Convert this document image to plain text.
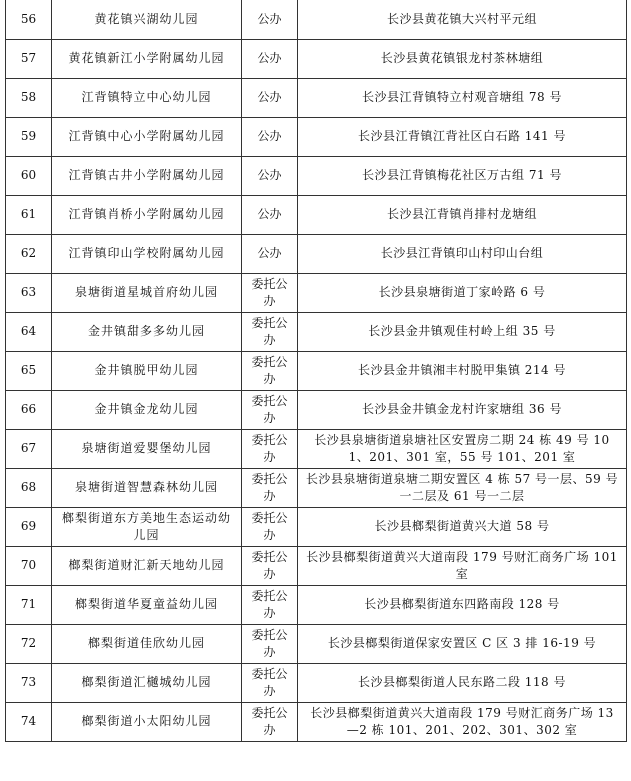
56	黄花镇兴湖幼儿园	公办	长沙县黄花镇大兴村平元组
57	黄花镇新江小学附属幼儿园	公办	长沙县黄花镇银龙村茶林塘组
58	江背镇特立中心幼儿园	公办	长沙县江背镇特立村观音塘组 78 号
59	江背镇中心小学附属幼儿园	公办	长沙县江背镇江背社区白石路 141 号
60	江背镇古井小学附属幼儿园	公办	长沙县江背镇梅花社区万古组 71 号
61	江背镇肖桥小学附属幼儿园	公办	长沙县江背镇肖排村龙塘组
62	江背镇印山学校附属幼儿园	公办	长沙县江背镇印山村印山台组
63	泉塘街道星城首府幼儿园	委托公办	长沙县泉塘街道丁家岭路 6 号
64	金井镇甜多多幼儿园	委托公办	长沙县金井镇观佳村岭上组 35 号
65	金井镇脱甲幼儿园	委托公办	长沙县金井镇湘丰村脱甲集镇 214 号
66	金井镇金龙幼儿园	委托公办	长沙县金井镇金龙村许家塘组 36 号
67	泉塘街道爱婴堡幼儿园	委托公办	长沙县泉塘街道泉塘社区安置房二期 24 栋 49 号 101、201、301 室，55 号 101、201 室
68	泉塘街道智慧森林幼儿园	委托公办	长沙县泉塘街道泉塘二期安置区 4 栋 57 号一层、59 号一二层及 61 号一二层
69	榔梨街道东方美地生态运动幼儿园	委托公办	长沙县榔梨街道黄兴大道 58 号
70	榔梨街道财汇新天地幼儿园	委托公办	长沙县榔梨街道黄兴大道南段 179 号财汇商务广场 101 室
71	榔梨街道华夏童益幼儿园	委托公办	长沙县榔梨街道东四路南段 128 号
72	榔梨街道佳欣幼儿园	委托公办	长沙县榔梨街道保家安置区 C 区 3 排 16-19 号
73	榔梨街道汇樾城幼儿园	委托公办	长沙县榔梨街道人民东路二段 118 号
74	榔梨街道小太阳幼儿园	委托公办	长沙县榔梨街道黄兴大道南段 179 号财汇商务广场 13—2 栋 101、201、202、301、302 室
